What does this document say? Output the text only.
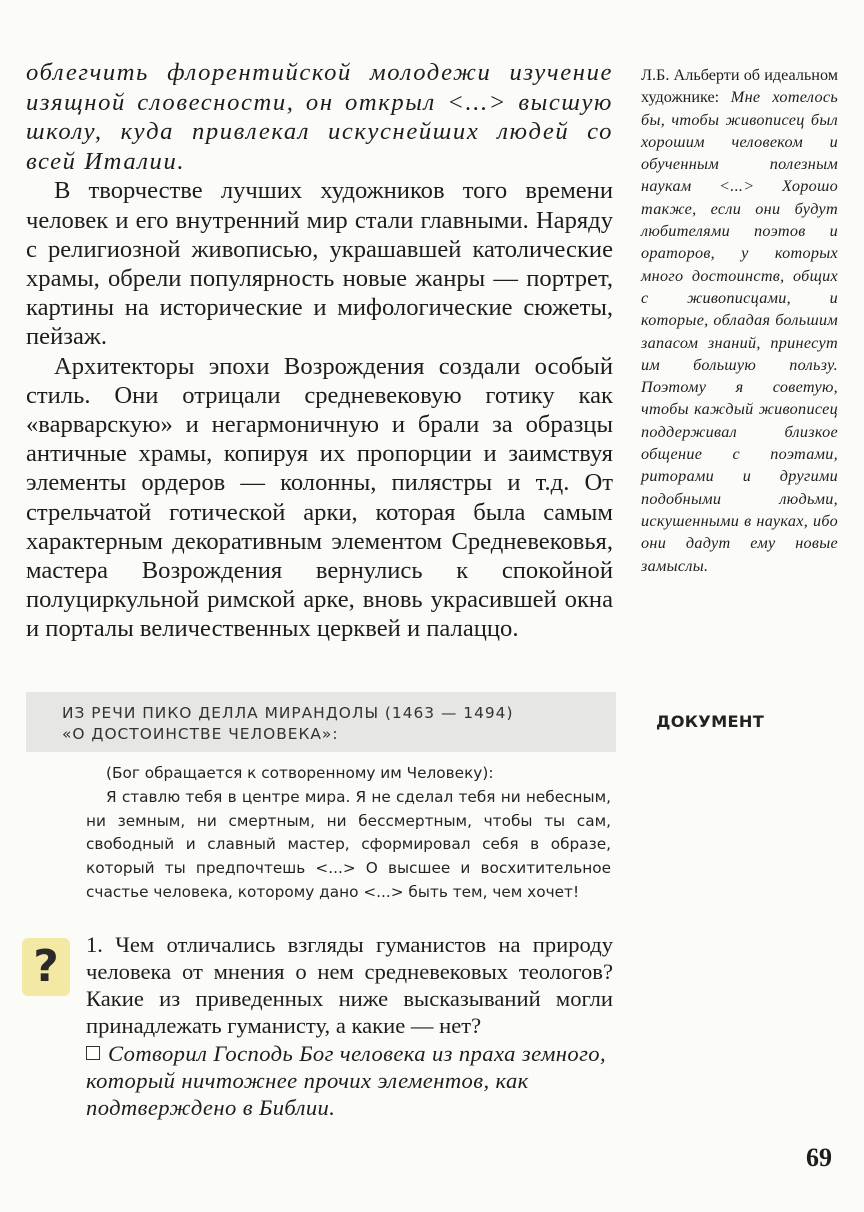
облегчить флорентийской молодежи изучение изящной словесности, он открыл <...> высшую школу, куда привлекал искуснейших людей со всей Италии.

В творчестве лучших художников того времени человек и его внутренний мир стали главными. Наряду с религиозной живописью, украшавшей католические храмы, обрели популярность новые жанры — портрет, картины на исторические и мифологические сюжеты, пейзаж.

Архитекторы эпохи Возрождения создали особый стиль. Они отрицали средневековую готику как «варварскую» и негармоничную и брали за образцы античные храмы, копируя их пропорции и заимствуя элементы ордеров — колонны, пилястры и т.д. От стрельчатой готической арки, которая была самым характерным декоративным элементом Средневековья, мастера Возрождения вернулись к спокойной полуциркульной римской арке, вновь украсившей окна и порталы величественных церквей и палаццо.

Л.Б. Альберти об идеальном художнике: Мне хотелось бы, чтобы живописец был хорошим человеком и обученным полезным наукам <...> Хорошо также, если они будут любителями поэтов и ораторов, у которых много достоинств, общих с живописцами, и которые, обладая большим запасом знаний, принесут им большую пользу. Поэтому я советую, чтобы каждый живописец поддерживал близкое общение с поэтами, риторами и другими подобными людьми, искушенными в науках, ибо они дадут ему новые замыслы.
ИЗ РЕЧИ ПИКО ДЕЛЛА МИРАНДОЛЫ (1463 — 1494)
«О ДОСТОИНСТВЕ ЧЕЛОВЕКА»:
ДОКУМЕНТ

(Бог обращается к сотворенному им Человеку):

Я ставлю тебя в центре мира. Я не сделал тебя ни небесным, ни земным, ни смертным, ни бессмертным, чтобы ты сам, свободный и славный мастер, сформировал себя в образе, который ты предпочтешь <...> О высшее и восхитительное счастье человека, которому дано <...> быть тем, чем хочет!

? 1. Чем отличались взгляды гуманистов на природу человека от мнения о нем средневековых теологов? Какие из приведенных ниже высказываний могли принадлежать гуманисту, а какие — нет?

Сотворил Господь Бог человека из праха земного, который ничтожнее прочих элементов, как подтверждено в Библии.
69
